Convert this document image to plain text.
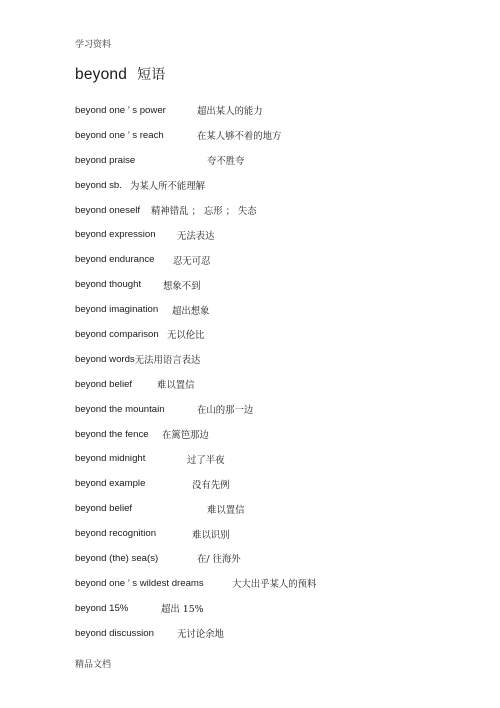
学习资料
beyond 短语
beyond one ’ s power	超出某人的能力
beyond one ’ s reach	在某人够不着的地方
beyond praise	夸不胜夸
beyond sb. 为某人所不能理解
beyond oneself	精神错乱 ； 忘形 ； 失态
beyond expression	无法表达
beyond endurance	忍无可忍
beyond thought	想象不到
beyond imagination	超出想象
beyond comparison 无以伦比
beyond words 无法用语言表达
beyond belief	难以置信
beyond the mountain	在山的那一边
beyond the fence	在篱笆那边
beyond midnight	过了半夜
beyond example	没有先例
beyond belief	难以置信
beyond recognition	难以识别
beyond (the) sea(s)	在/ 往海外
beyond one ’ s wildest dreams	大大出乎某人的预料
beyond 15%	超出 15%
beyond discussion	无讨论余地
精品文档
